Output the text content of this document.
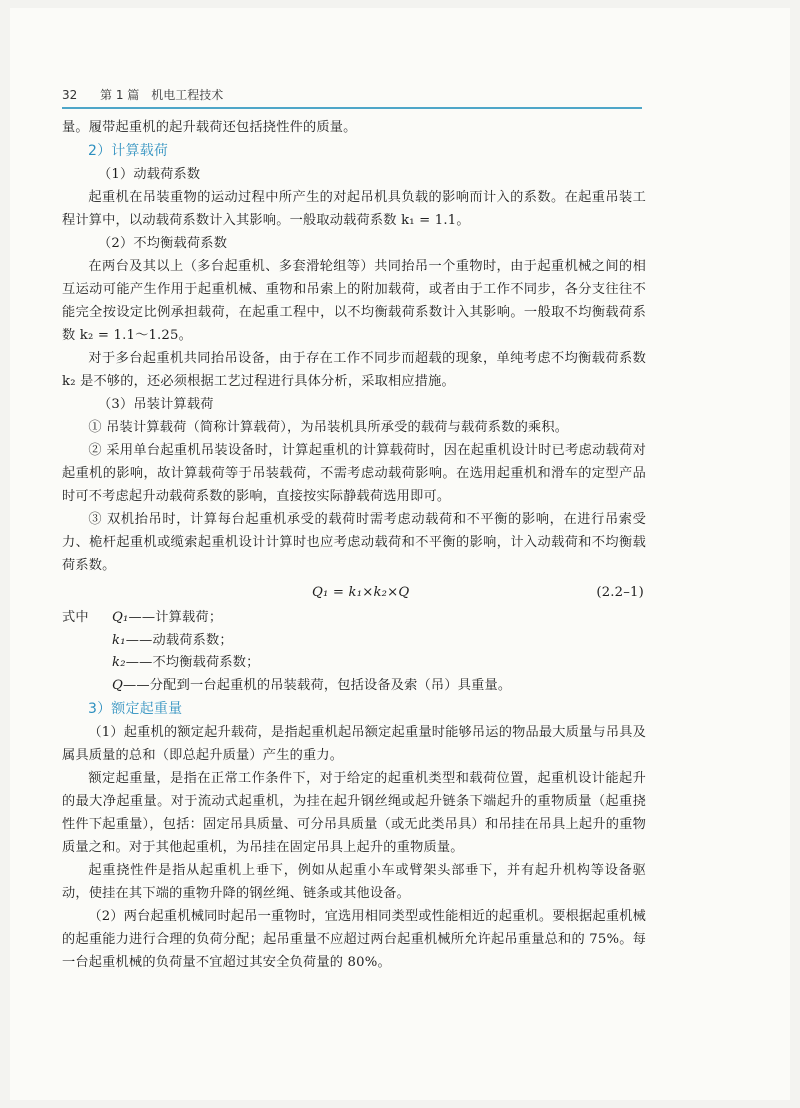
32 第 1 篇　机电工程技术

量。履带起重机的起升载荷还包括挠性件的质量。

2）计算载荷

（1）动载荷系数

起重机在吊装重物的运动过程中所产生的对起吊机具负载的影响而计入的系数。在起重吊装工程计算中，以动载荷系数计入其影响。一般取动载荷系数 k₁ = 1.1。

（2）不均衡载荷系数

在两台及其以上（多台起重机、多套滑轮组等）共同抬吊一个重物时，由于起重机械之间的相互运动可能产生作用于起重机械、重物和吊索上的附加载荷，或者由于工作不同步，各分支往往不能完全按设定比例承担载荷，在起重工程中，以不均衡载荷系数计入其影响。一般取不均衡载荷系数 k₂ = 1.1～1.25。

对于多台起重机共同抬吊设备，由于存在工作不同步而超载的现象，单纯考虑不均衡载荷系数 k₂ 是不够的，还必须根据工艺过程进行具体分析，采取相应措施。

（3）吊装计算载荷

① 吊装计算载荷（简称计算载荷），为吊装机具所承受的载荷与载荷系数的乘积。

② 采用单台起重机吊装设备时，计算起重机的计算载荷时，因在起重机设计时已考虑动载荷对起重机的影响，故计算载荷等于吊装载荷，不需考虑动载荷影响。在选用起重机和滑车的定型产品时可不考虑起升动载荷系数的影响，直接按实际静载荷选用即可。

③ 双机抬吊时，计算每台起重机承受的载荷时需考虑动载荷和不平衡的影响，在进行吊索受力、桅杆起重机或缆索起重机设计计算时也应考虑动载荷和不平衡的影响，计入动载荷和不均衡载荷系数。

Q₁ = k₁×k₂×Q	(2.2–1)

式中 Q₁——计算载荷；

k₁——动载荷系数；

k₂——不均衡载荷系数；

Q——分配到一台起重机的吊装载荷，包括设备及索（吊）具重量。

3）额定起重量

（1）起重机的额定起升载荷，是指起重机起吊额定起重量时能够吊运的物品最大质量与吊具及属具质量的总和（即总起升质量）产生的重力。

额定起重量，是指在正常工作条件下，对于给定的起重机类型和载荷位置，起重机设计能起升的最大净起重量。对于流动式起重机，为挂在起升钢丝绳或起升链条下端起升的重物质量（起重挠性件下起重量），包括：固定吊具质量、可分吊具质量（或无此类吊具）和吊挂在吊具上起升的重物质量之和。对于其他起重机，为吊挂在固定吊具上起升的重物质量。

起重挠性件是指从起重机上垂下，例如从起重小车或臂架头部垂下，并有起升机构等设备驱动，使挂在其下端的重物升降的钢丝绳、链条或其他设备。

（2）两台起重机械同时起吊一重物时，宜选用相同类型或性能相近的起重机。要根据起重机械的起重能力进行合理的负荷分配；起吊重量不应超过两台起重机械所允许起吊重量总和的 75%。每一台起重机械的负荷量不宜超过其安全负荷量的 80%。
